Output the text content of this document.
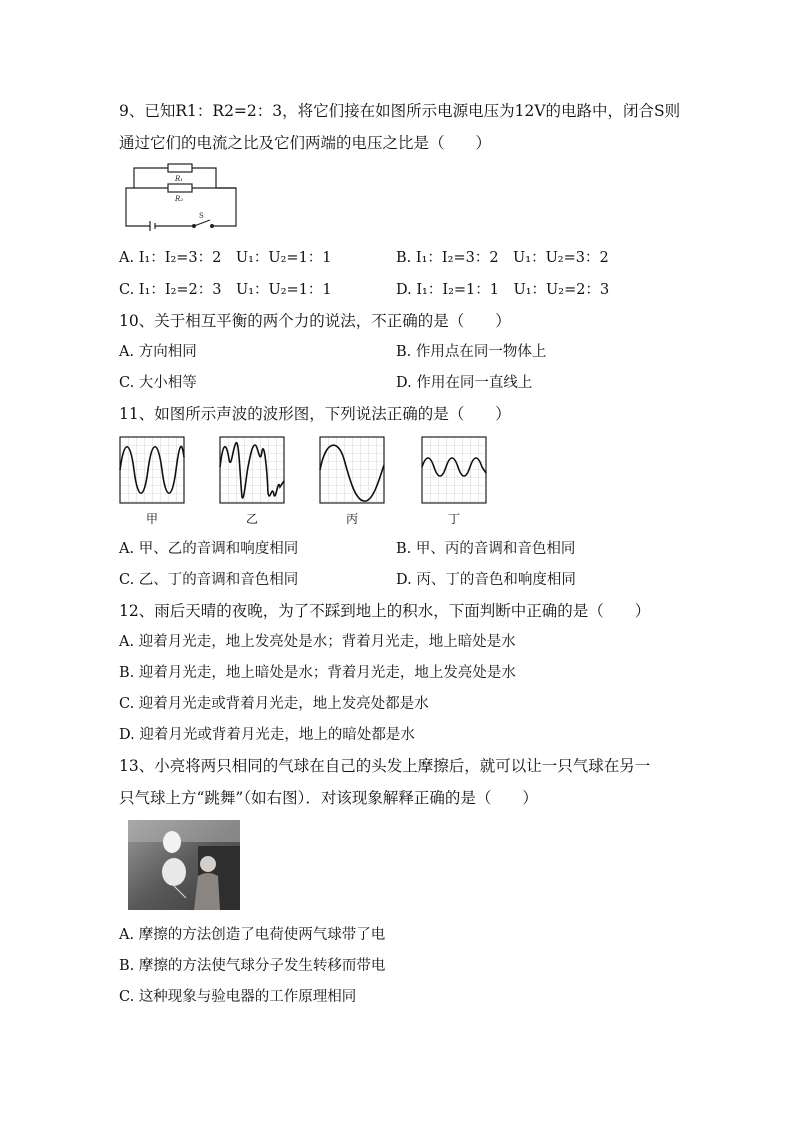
9、已知R1：R2=2：3，将它们接在如图所示电源电压为12V的电路中，闭合S则
通过它们的电流之比及它们两端的电压之比是（　　）
R₁
R₂
S
A. I₁：I₂=3：2　U₁：U₂=1：1	B. I₁：I₂=3：2　U₁：U₂=3：2
C. I₁：I₂=2：3　U₁：U₂=1：1	D. I₁：I₂=1：1　U₁：U₂=2：3
10、关于相互平衡的两个力的说法，不正确的是（　　）
A. 方向相同	B. 作用点在同一物体上
C. 大小相等	D. 作用在同一直线上
11、如图所示声波的波形图，下列说法正确的是（　　）
甲	乙	丙	丁
A. 甲、乙的音调和响度相同	B. 甲、丙的音调和音色相同
C. 乙、丁的音调和音色相同	D. 丙、丁的音色和响度相同
12、雨后天晴的夜晚，为了不踩到地上的积水，下面判断中正确的是（　　）
A. 迎着月光走，地上发亮处是水；背着月光走，地上暗处是水
B. 迎着月光走，地上暗处是水；背着月光走，地上发亮处是水
C. 迎着月光走或背着月光走，地上发亮处都是水
D. 迎着月光或背着月光走，地上的暗处都是水
13、小亮将两只相同的气球在自己的头发上摩擦后，就可以让一只气球在另一
只气球上方“跳舞”（如右图）．对该现象解释正确的是（　　）
A. 摩擦的方法创造了电荷使两气球带了电
B. 摩擦的方法使气球分子发生转移而带电
C. 这种现象与验电器的工作原理相同
